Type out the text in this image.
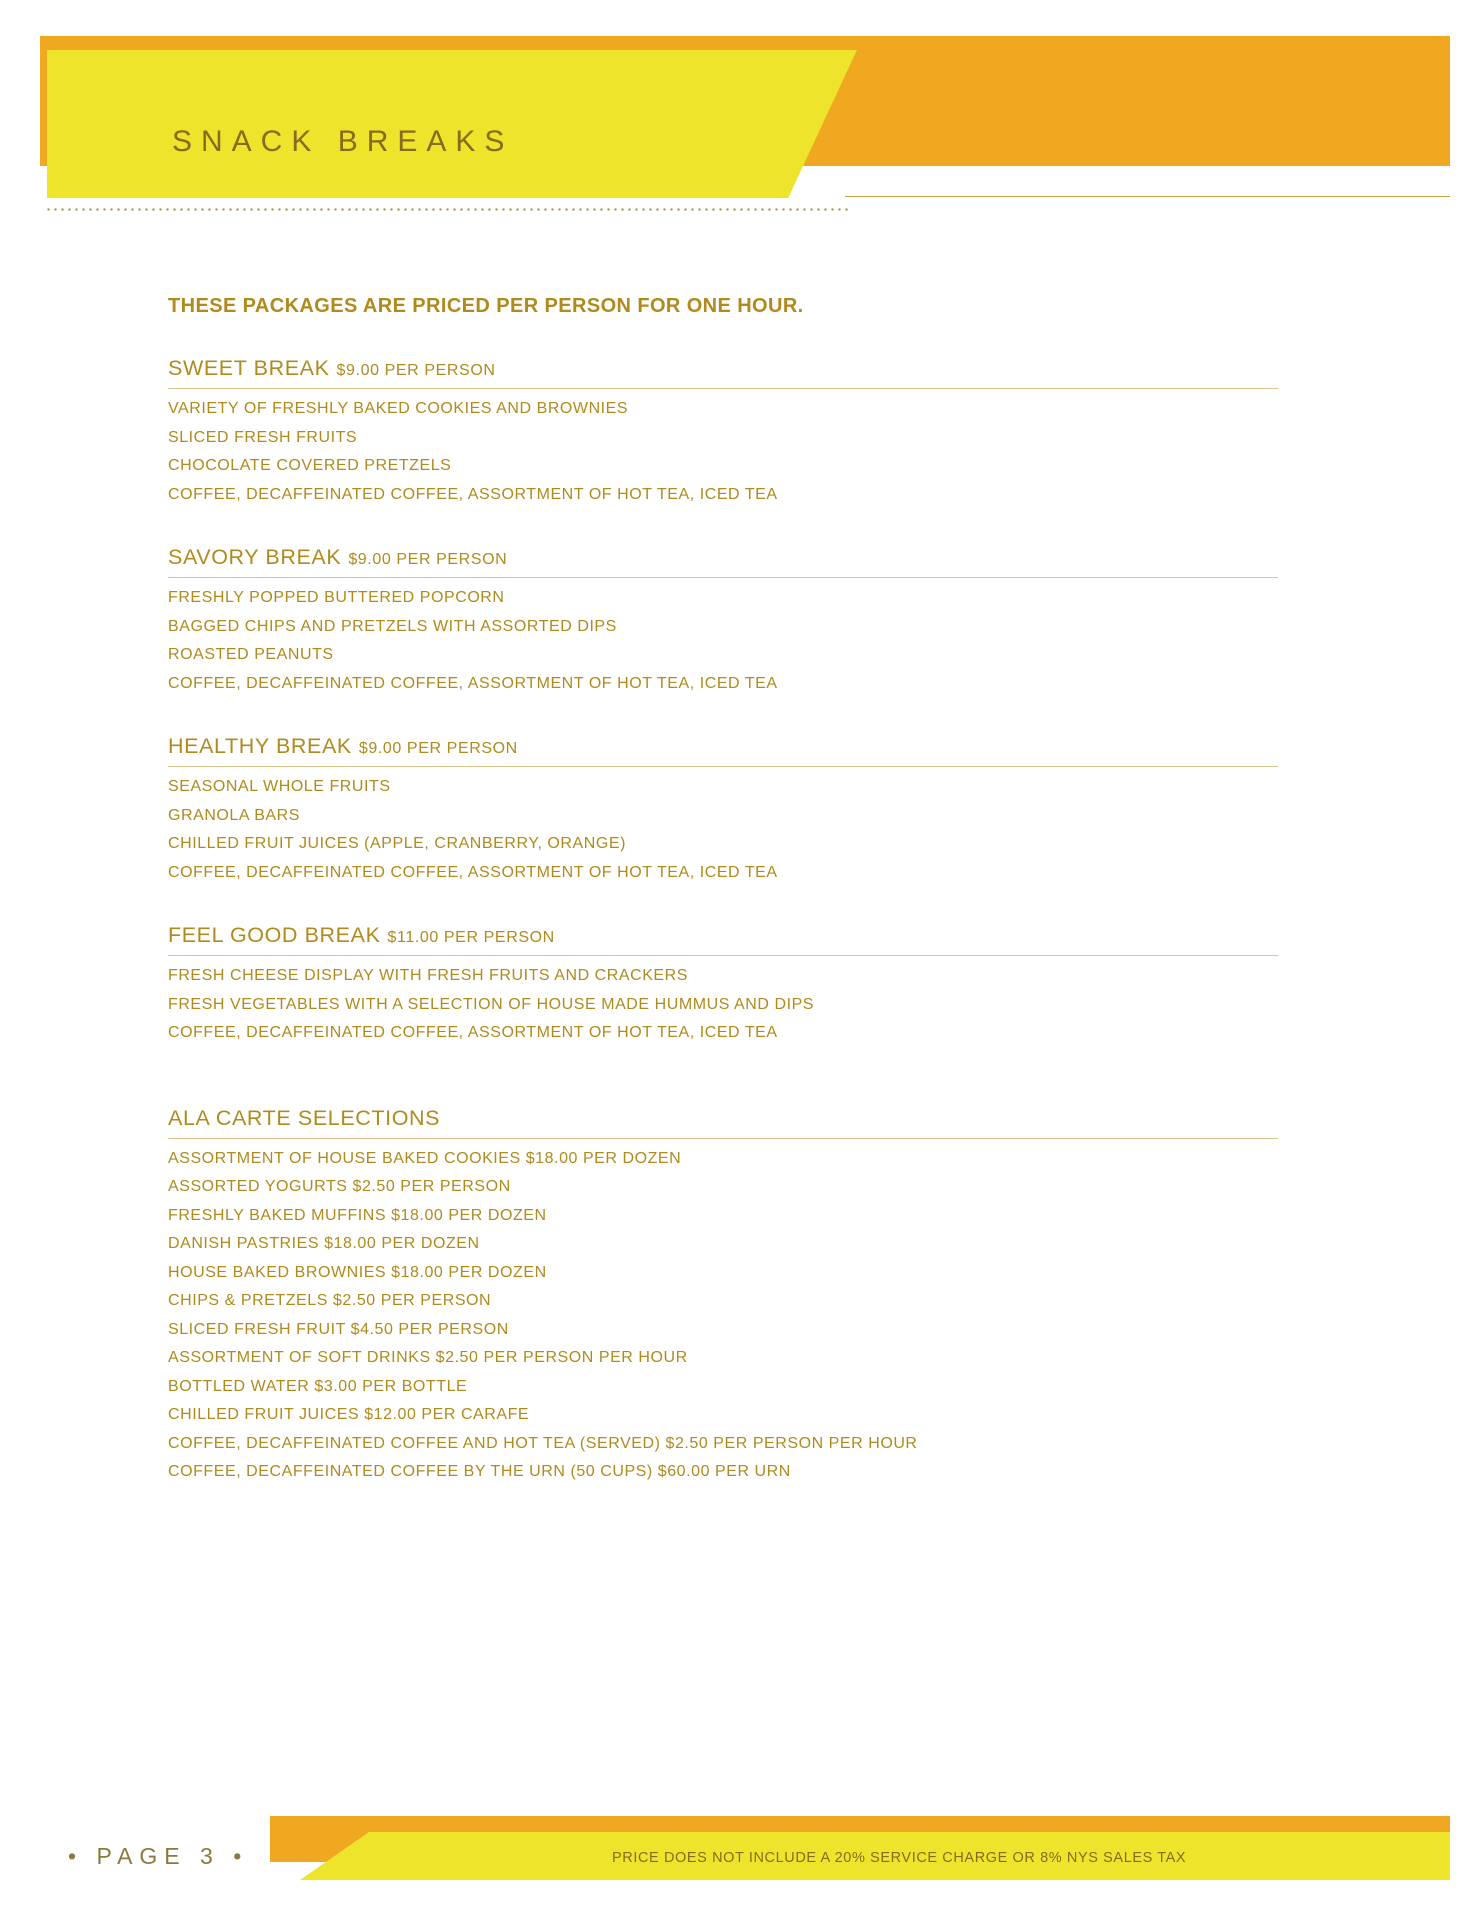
SNACK BREAKS

THESE PACKAGES ARE PRICED PER PERSON FOR ONE HOUR.

SWEET BREAK $9.00 PER PERSON
VARIETY OF FRESHLY BAKED COOKIES AND BROWNIES
SLICED FRESH FRUITS
CHOCOLATE COVERED PRETZELS
COFFEE, DECAFFEINATED COFFEE, ASSORTMENT OF HOT TEA, ICED TEA
SAVORY BREAK $9.00 PER PERSON
FRESHLY POPPED BUTTERED POPCORN
BAGGED CHIPS AND PRETZELS WITH ASSORTED DIPS
ROASTED PEANUTS
COFFEE, DECAFFEINATED COFFEE, ASSORTMENT OF HOT TEA, ICED TEA
HEALTHY BREAK $9.00 PER PERSON
SEASONAL WHOLE FRUITS
GRANOLA BARS
CHILLED FRUIT JUICES (APPLE, CRANBERRY, ORANGE)
COFFEE, DECAFFEINATED COFFEE, ASSORTMENT OF HOT TEA, ICED TEA
FEEL GOOD BREAK $11.00 PER PERSON
FRESH CHEESE DISPLAY WITH FRESH FRUITS AND CRACKERS
FRESH VEGETABLES WITH A SELECTION OF HOUSE MADE HUMMUS AND DIPS
COFFEE, DECAFFEINATED COFFEE, ASSORTMENT OF HOT TEA, ICED TEA
ALA CARTE SELECTIONS
ASSORTMENT OF HOUSE BAKED COOKIES $18.00 PER DOZEN
ASSORTED YOGURTS $2.50 PER PERSON
FRESHLY BAKED MUFFINS $18.00 PER DOZEN
DANISH PASTRIES $18.00 PER DOZEN
HOUSE BAKED BROWNIES $18.00 PER DOZEN
CHIPS & PRETZELS $2.50 PER PERSON
SLICED FRESH FRUIT $4.50 PER PERSON
ASSORTMENT OF SOFT DRINKS $2.50 PER PERSON PER HOUR
BOTTLED WATER $3.00 PER BOTTLE
CHILLED FRUIT JUICES $12.00 PER CARAFE
COFFEE, DECAFFEINATED COFFEE AND HOT TEA (SERVED) $2.50 PER PERSON PER HOUR
COFFEE, DECAFFEINATED COFFEE BY THE URN (50 CUPS) $60.00 PER URN
• PAGE 3 •	PRICE DOES NOT INCLUDE A 20% SERVICE CHARGE OR 8% NYS SALES TAX
